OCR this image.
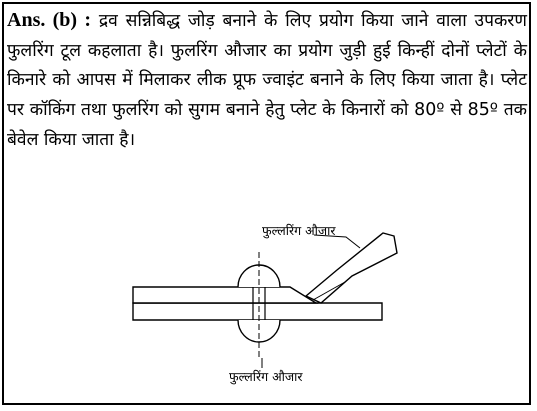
Ans. (b) : द्रव सन्निबिद्ध जोड़ बनाने के लिए प्रयोग किया जाने वाला उपकरण फुलरिंग टूल कहलाता है। फुलरिंग औजार का प्रयोग जुड़ी हुई किन्हीं दोनों प्लेटों के किनारे को आपस में मिलाकर लीक प्रूफ ज्वाइंट बनाने के लिए किया जाता है। प्लेट पर कॉकिंग तथा फुलरिंग को सुगम बनाने हेतु प्लेट के किनारों को 80º से 85º तक बेवेल किया जाता है।

फुल्लरिंग औजार
फुल्लरिंग औजार
